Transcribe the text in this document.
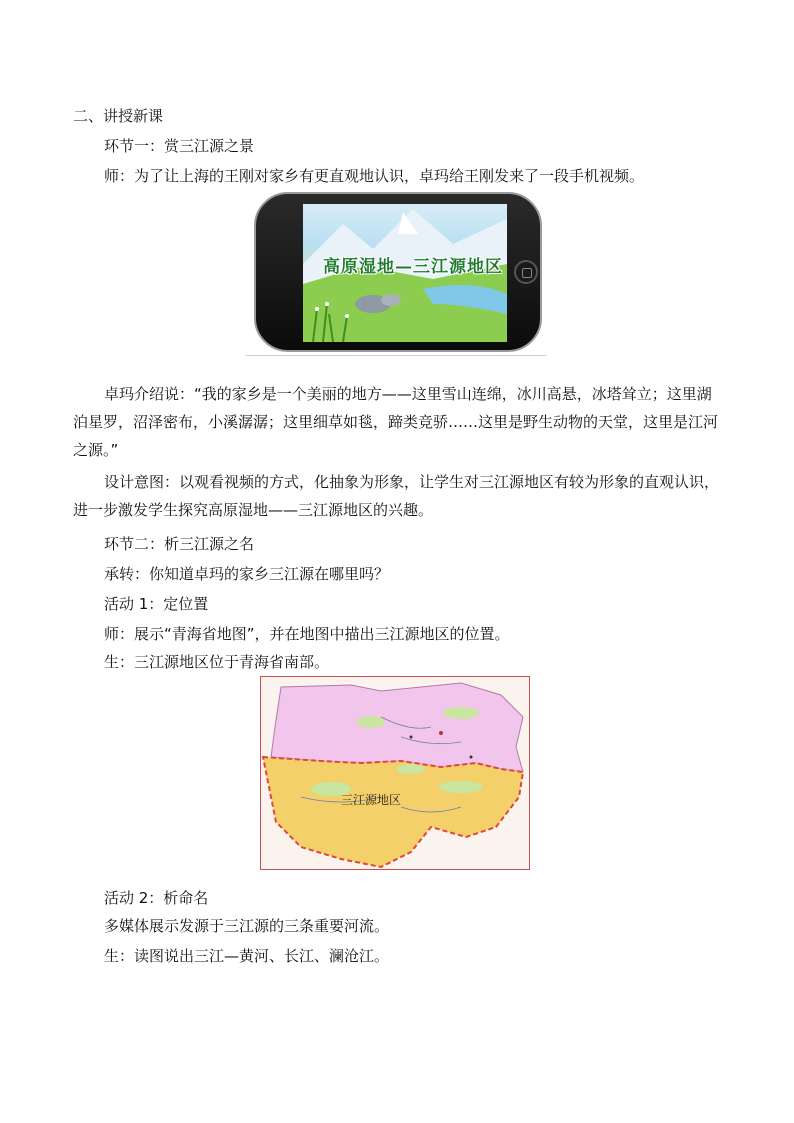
二、讲授新课
环节一：赏三江源之景
师：为了让上海的王刚对家乡有更直观地认识，卓玛给王刚发来了一段手机视频。
高原湿地—三江源地区
卓玛介绍说：“我的家乡是一个美丽的地方——这里雪山连绵，冰川高悬，冰塔耸立；这里湖泊星罗，沼泽密布，小溪潺潺；这里细草如毯，蹄类竞骄……这里是野生动物的天堂，这里是江河之源。”
设计意图：以观看视频的方式，化抽象为形象，让学生对三江源地区有较为形象的直观认识，进一步激发学生探究高原湿地——三江源地区的兴趣。
环节二：析三江源之名
承转：你知道卓玛的家乡三江源在哪里吗？
活动 1：定位置
师：展示“青海省地图”，并在地图中描出三江源地区的位置。
生：三江源地区位于青海省南部。
三江源地区
活动 2：析命名
多媒体展示发源于三江源的三条重要河流。
生：读图说出三江—黄河、长江、澜沧江。
